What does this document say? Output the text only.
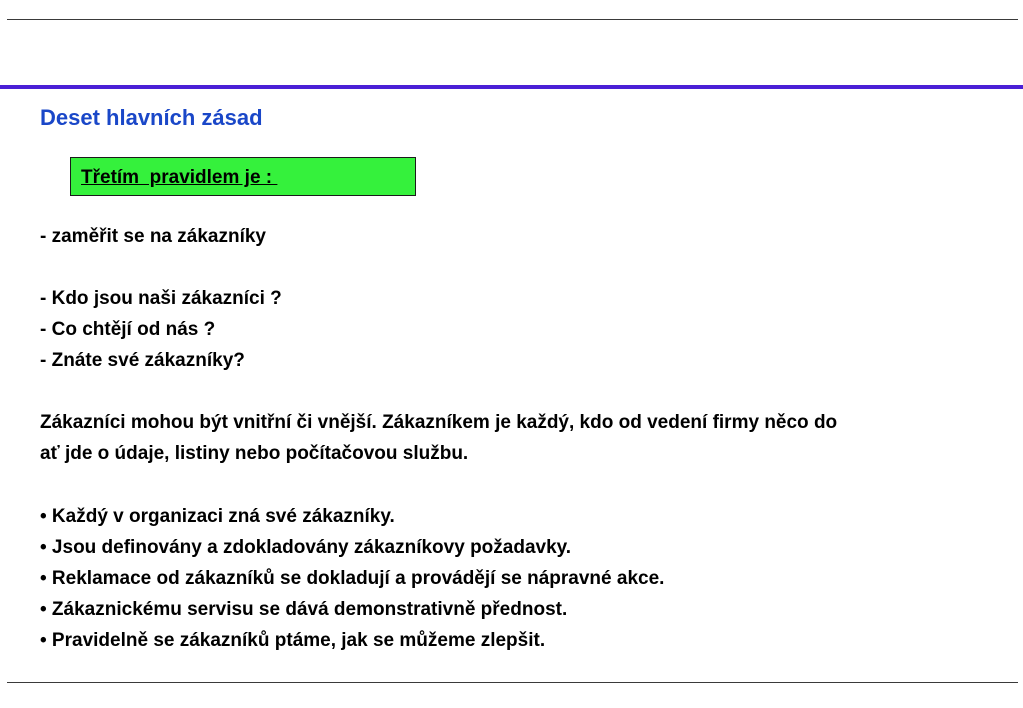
Deset hlavních zásad
Třetím  pravidlem je :
- zaměřit se na zákazníky
- Kdo jsou naši zákazníci ?
- Co chtějí od nás ?
- Znáte své zákazníky?
Zákazníci mohou být vnitřní či vnější. Zákazníkem je každý, kdo od vedení firmy něco do
ať jde o údaje, listiny nebo počítačovou službu.
• Každý v organizaci zná své zákazníky.
• Jsou definovány a zdokladovány zákazníkovy požadavky.
• Reklamace od zákazníků se dokladují a provádějí se nápravné akce.
• Zákaznickému servisu se dává demonstrativně přednost.
• Pravidelně se zákazníků ptáme, jak se můžeme zlepšit.
